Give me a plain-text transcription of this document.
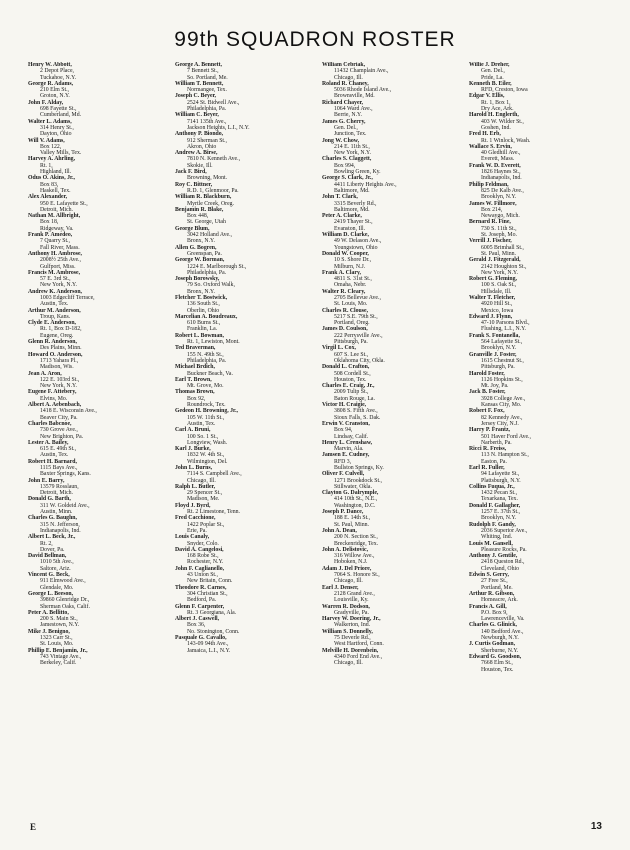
99th SQUADRON ROSTER
Henry W. Abbott,
2 Depot Place,
Tuckahoe, N.Y.
George R. Adams,
210 Elm St.,
Groton, N.Y.
John F. Alday,
698 Fayette St.,
Cumberland, Md.
Walter L. Adams,
314 Henry St.,
Dayton, Ohio
Will V. Adams,
Box 122,
Valley Mills, Tex.
Harvey A. Ahrling,
Rt. 1,
Highland, Ill.
Odus O. Akins, Jr.,
Box 83,
Haskell, Tex.
Alex Alexander,
950 E. Lafayette St.,
Detroit, Mich.
Nathan M. Allbright,
Box 18,
Ridgeway, Va.
Frank P. Amedeo,
7 Quarry St.,
Fall River, Mass.
Anthony H. Ambrose,
2008½ 25th Ave.,
Gulfport, Miss.
Francis M. Ambrose,
57 E. 3rd St.,
New York, N.Y.
Andrew K. Anderson,
1003 Edgecliff Terrace,
Austin, Tex.
Arthur M. Anderson,
Troup, Kans.
Clyde E. Anderson,
Rt. 1, Box D-182,
Eugene, Oreg.
Glenn R. Anderson,
Des Plains, Minn.
Howard O. Anderson,
1713 Yahara Pl.,
Madison, Wis.
Jean A. Aron,
122 E. 103rd St.,
New York, N.Y.
Eugene F. Attebery,
Elvins, Mo.
Albert A. Aebenbach,
1418 E. Wisconsin Ave.,
Beaver City, Pa.
Charles Babcnoe,
730 Grove Ave.,
New Brighton, Pa.
Lester A. Bailey,
615 E. 49th St.,
Austin, Tex.
Robert H. Barnard,
1115 Bays Ave.,
Baxter Springs, Kans.
John E. Barry,
13579 Rosslaun,
Detroit, Mich.
Donald G. Barth,
311 W. Goldeid Ave.,
Austin, Minn.
Charles G. Baughn,
315 N. Jefferson,
Indianapolis, Ind.
Albert L. Beck, Jr.,
Rt. 2,
Dover, Pa.
David Bellman,
1010 5th Ave.,
Saltore, Ariz.
Vincent G. Beck,
911 Elmwood Ave.,
Glendale, Mo.
George L. Beeson,
39860 Glenridge Dr.,
Sherman Oaks, Calif.
Peter A. Bellitto,
200 S. Main St.,
Jamestown, N.Y.
Mike J. Benigno,
1323 Carr St.,
St. Louis, Mo.
Phillip E. Benjamin, Jr.,
743 Vintage Ave.,
Berkeley, Calif.
George A. Bennett,
7 Bennett St.,
So. Portland, Me.
William T. Bennett,
Normangee, Tex.
Joseph C. Beyer,
2524 St. Bidwell Ave.,
Philadelphia, Pa.
William C. Beyer,
7141 135th Ave.,
Jackson Heights, L.I., N.Y.
Anthony P. Biondo,
912 Sherman St.,
Akron, Ohio
Andrew A. Birse,
7810 N. Kenneth Ave.,
Skokie, Ill.
Jack F. Bird,
Browning, Mont.
Roy C. Bittner,
R.D. 1, Glenmoor, Pa.
William R. Blackburn,
Myrtle Creek, Oreg.
Benjamin R. Blake,
Box 448,
St. George, Utah
George Blum,
3042 Holland Ave.,
Bronx, N.Y.
Allen G. Bogren,
Greenspan, Pa.
George W. Borman,
1224 E. Marlborough St.,
Philadelphia, Pa.
Joseph Borowsky,
79 So. Oxford Walk,
Bronx, N.Y.
Fletcher T. Bostwick,
136 South St.,
Oberlin, Ohio
Marcelian A. Boudreaux,
610 Burns St.,
Franklin, La.
Robert L. Bowman,
Rt. 1, Lewiston, Mont.
Ted Braverman,
155 N. 49th St.,
Philadelphia, Pa.
Michael Brdich,
Buckner Beach, Va.
Earl T. Brown,
Mt. Grove, Mo.
Thomas Brown,
Box 92,
Roundrock, Tex.
Gedeon H. Browning, Jr.,
105 W. 11th St.,
Austin, Tex.
Carl A. Bruni,
100 So. 1 St.,
Longview, Wash.
Karl J. Burke,
1832 W. 4th St.,
Wilmington, Del.
John L. Burns,
7114 S. Campbell Ave.,
Chicago, Ill.
Ralph L. Butler,
29 Spencer St.,
Madison, Me.
Floyd J. Byrd,
Rt. 2 Limestone, Tenn.
Fred Cacchione,
1422 Poplar St.,
Erie, Pa.
Louis Canaly,
Snyder, Colo.
David A. Cangelosi,
168 Robe St.,
Rochester, N.Y.
John F. Caglianello,
43 Union St.,
New Britain, Conn.
Theodore R. Carnes,
304 Christian St.,
Bedford, Pa.
Glenn F. Carpenter,
Rt. 3 Georgiana, Ala.
Albert J. Caswell,
Box 36,
No. Stonington, Conn.
Pasquale G. Cavallo,
143-09 94th Ave.,
Jamaica, L.I., N.Y.
William Cebriak,
11432 Champlain Ave.,
Chicago, Ill.
Roland R. Chaney,
5036 Rhode Island Ave.,
Brownsville, Md.
Richard Chayer,
1064 Ward Ave.,
Berrie, N.Y.
James G. Cherry,
Gen. Del.,
Junction, Tex.
Jong W. Chow,
214 E. 11th St.,
New York, N.Y.
Charles S. Claggett,
Box 994,
Bowling Green, Ky.
George S. Clark, Jr.,
4411 Liberty Heights Ave.,
Baltimore, Md.
John T. Clark,
3315 Beverly Rd.,
Baltimore, Md.
Peter A. Clarke,
2419 Thayer St.,
Evanston, Ill.
William D. Clarke,
49 W. Delason Ave.,
Youngstown, Ohio
Donald W. Cooper,
10 S. Shore Dr.,
Milburn, N.J.
Frank A. Clary,
4811 S. 31st St.,
Omaha, Nebr.
Walter R. Cleary,
2705 Bellevue Ave.,
St. Louis, Mo.
Charles R. Clouse,
5217 S.E. 79th St.,
Portland, Oreg.
James D. Coulson,
222 Perrysville Ave.,
Pittsburgh, Pa.
Virgil L. Cox,
607 S. Lee St.,
Oklahoma City, Okla.
Donald L. Crafton,
508 Cordell St.,
Houston, Tex.
Charles E. Craig, Jr.,
2009 Tulip St.,
Baton Rouge, La.
Victor H. Craigie,
3808 S. Fifth Ave.,
Sioux Falls, S. Dak.
Erwin V. Cranston,
Box 94,
Lindsay, Calif.
Henry L. Crenshaw,
Marvin, Ala.
Jamsen E. Cudney,
RFD 3,
Bullston Springs, Ky.
Oliver F. Culvell,
1271 Brookdock St.,
Stillwater, Okla.
Clayton G. Dalrymple,
414 10th St., N.E.,
Washington, D.C.
Joseph P. Dance,
188 E. 14th St.,
St. Paul, Minn.
John A. Dean,
200 N. Section St.,
Breckenridge, Tex.
John A. Delistovic,
316 Willow Ave.,
Hoboken, N.J.
Adam J. Del Priore,
7064 S. Honore St.,
Chicago, Ill.
Earl J. Denser,
2128 Grand Ave.,
Louisville, Ky.
Warren R. Dodson,
Gradyville, Pa.
Harvey W. Doering, Jr.,
Walkerton, Ind.
William S. Donnelly,
75 Deverle Rd.,
West Hartford, Conn.
Melville H. Dorenbein,
4340 Ford End Ave.,
Chicago, Ill.
Willie J. Dreher,
Gen. Del.,
Pride, La.
Kenneth B. Eiler,
RFD, Creston, Iowa
Edgar V. Ellis,
Rt. 1, Box 1,
Dry Ace, Ark.
Harold H. Englerth,
403 W. Wilder St.,
Goshen, Ind.
Fred H. Erb,
Rt. 1 Winlock, Wash.
Wallace S. Ervin,
40 Gledhill Ave.,
Everett, Mass.
Frank W. D. Everett,
1826 Haynes St.,
Indianapolis, Ind.
Philip Feldman,
825 De Kalb Ave.,
Brooklyn, N.Y.
James W. Fillmore,
Box 214,
Newaygo, Mich.
Bernard R. Fine,
730 S. 11th St.,
St. Joseph, Mo.
Verrill J. Fischer,
6005 Brimhall St.,
St. Paul, Minn.
Gerald J. Fitzgerald,
2142 Houghton St.,
New York, N.Y.
Robert G. Fleming,
100 S. Oak St.,
Hillsdale, Ill.
Walter T. Fletcher,
4920 Hill St.,
Mexico, Iowa
Edward J. Flynn,
47-10 Parsons Blvd.,
Flushing, L.I., N.Y.
Frank S. Fontanella,
564 Lafayette St.,
Brooklyn, N.Y.
Granville J. Foster,
1615 Chestnut St.,
Pittsburgh, Pa.
Harold Foster,
1126 Hopkins St.,
Mt. Joy, Pa.
Jack B. Foster,
3928 College Ave.,
Kansas City, Mo.
Robert F. Fox,
82 Kennedy Ave.,
Jersey City, N.J.
Harry P. Frantz,
501 Haver Ford Ave.,
Narberth, Pa.
Ricci R. Freiss,
113 N. Hampton St.,
Easton, Pa.
Earl R. Fuller,
94 Lafayette St.,
Plattsburgh, N.Y.
Collins Fuqua, Jr.,
1432 Pecan St.,
Texarkana, Tex.
Donald F. Gallagher,
1257 E. 37th St.,
Brooklyn, N.Y.
Rudolph F. Gandy,
2036 Superior Ave.,
Whiting, Ind.
Louis M. Gansell,
Pleasure Rocks, Pa.
Anthony J. Gentile,
2418 Queston Rd.,
Cleveland, Ohio
Edwin S. Gerry,
27 Free St.,
Portland, Me.
Arthur R. Gibson,
Homeacre, Ark.
Francis A. Gill,
P.O. Box 9,
Lawrenceville, Va.
Charles G. Glinick,
140 Bedford Ave.,
Newburgh, N.Y.
J. Curtis Godman,
Sherburne, N.Y.
Edward G. Goodson,
7668 Elm St.,
Houston, Tex.
E	13
